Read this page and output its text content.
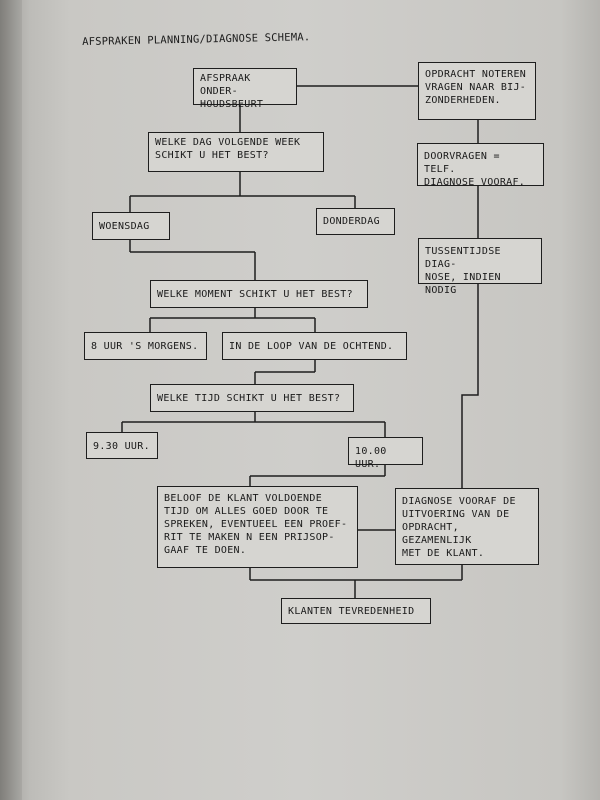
AFSPRAKEN PLANNING/DIAGNOSE SCHEMA.
AFSPRAAK ONDER-
HOUDSBEURT
WELKE DAG VOLGENDE WEEK
SCHIKT U HET BEST?
WOENSDAG	DONDERDAG
WELKE MOMENT SCHIKT U HET BEST?
8 UUR 'S MORGENS.	IN DE LOOP VAN DE OCHTEND.
WELKE TIJD SCHIKT U HET BEST?
9.30 UUR.	10.00 UUR.
BELOOF DE KLANT VOLDOENDE
TIJD OM ALLES GOED DOOR TE
SPREKEN, EVENTUEEL EEN PROEF-
RIT TE MAKEN N EEN PRIJSOP-
GAAF TE DOEN.
OPDRACHT NOTEREN
VRAGEN NAAR BIJ-
ZONDERHEDEN.
DOORVRAGEN = TELF.
DIAGNOSE VOORAF.
TUSSENTIJDSE DIAG-
NOSE, INDIEN NODIG
DIAGNOSE VOORAF DE
UITVOERING VAN DE
OPDRACHT, GEZAMENLIJK
MET DE KLANT.
KLANTEN TEVREDENHEID
